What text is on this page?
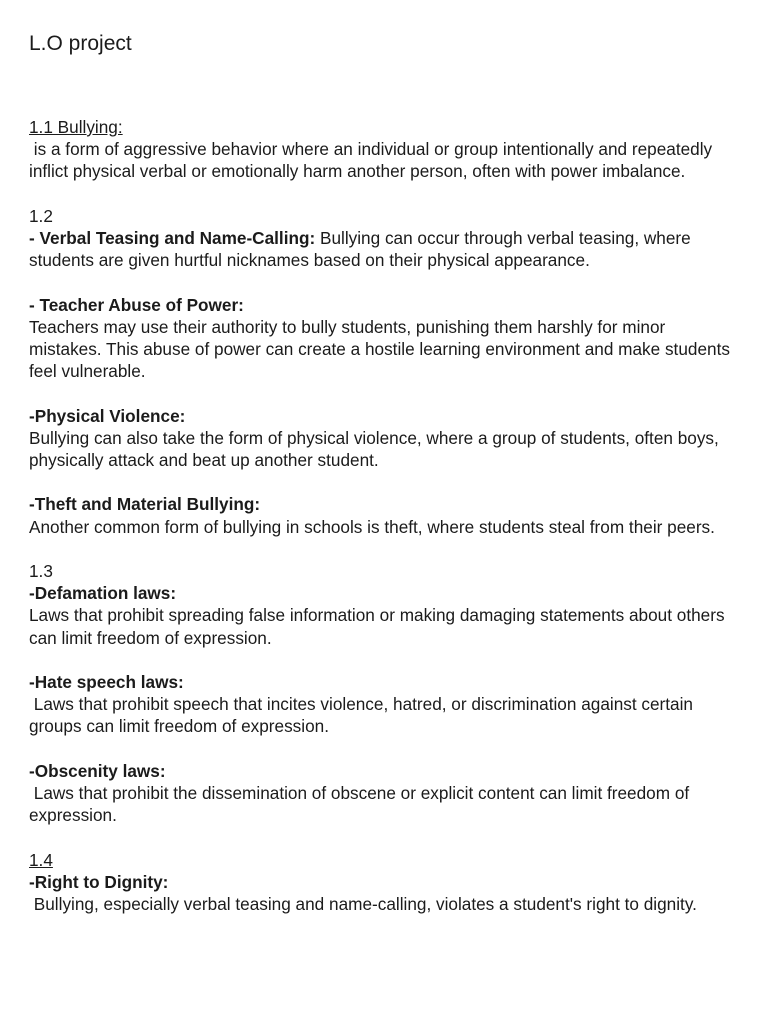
L.O project
1.1 Bullying:
is a form of aggressive behavior where an individual or group intentionally and repeatedly inflict physical verbal or emotionally harm another person, often with power imbalance.
1.2
- Verbal Teasing and Name-Calling: Bullying can occur through verbal teasing, where students are given hurtful nicknames based on their physical appearance.
- Teacher Abuse of Power:
Teachers may use their authority to bully students, punishing them harshly for minor mistakes. This abuse of power can create a hostile learning environment and make students feel vulnerable.
-Physical Violence:
Bullying can also take the form of physical violence, where a group of students, often boys, physically attack and beat up another student.
-Theft and Material Bullying:
Another common form of bullying in schools is theft, where students steal from their peers.
1.3
-Defamation laws:
Laws that prohibit spreading false information or making damaging statements about others can limit freedom of expression.
-Hate speech laws:
Laws that prohibit speech that incites violence, hatred, or discrimination against certain groups can limit freedom of expression.
-Obscenity laws:
Laws that prohibit the dissemination of obscene or explicit content can limit freedom of expression.
1.4
-Right to Dignity:
Bullying, especially verbal teasing and name-calling, violates a student's right to dignity.
